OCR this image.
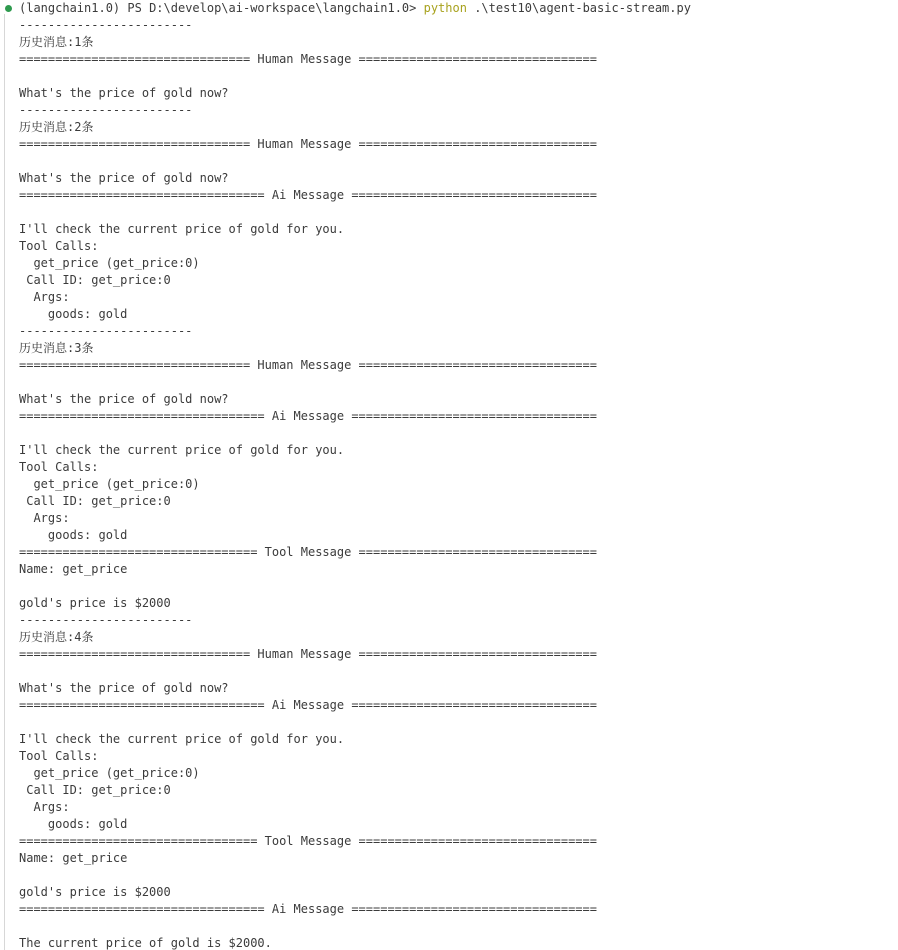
(langchain1.0) PS D:\develop\ai-workspace\langchain1.0> python .\test10\agent-basic-stream.py
------------------------
历史消息:1条
================================ Human Message =================================
What's the price of gold now?
------------------------
历史消息:2条
================================ Human Message =================================
What's the price of gold now?
================================== Ai Message ==================================
I'll check the current price of gold for you.
Tool Calls:
get_price (get_price:0)
Call ID: get_price:0
Args:
goods: gold
------------------------
历史消息:3条
================================ Human Message =================================
What's the price of gold now?
================================== Ai Message ==================================
I'll check the current price of gold for you.
Tool Calls:
get_price (get_price:0)
Call ID: get_price:0
Args:
goods: gold
================================= Tool Message =================================
Name: get_price
gold's price is $2000
------------------------
历史消息:4条
================================ Human Message =================================
What's the price of gold now?
================================== Ai Message ==================================
I'll check the current price of gold for you.
Tool Calls:
get_price (get_price:0)
Call ID: get_price:0
Args:
goods: gold
================================= Tool Message =================================
Name: get_price
gold's price is $2000
================================== Ai Message ==================================
The current price of gold is $2000.
